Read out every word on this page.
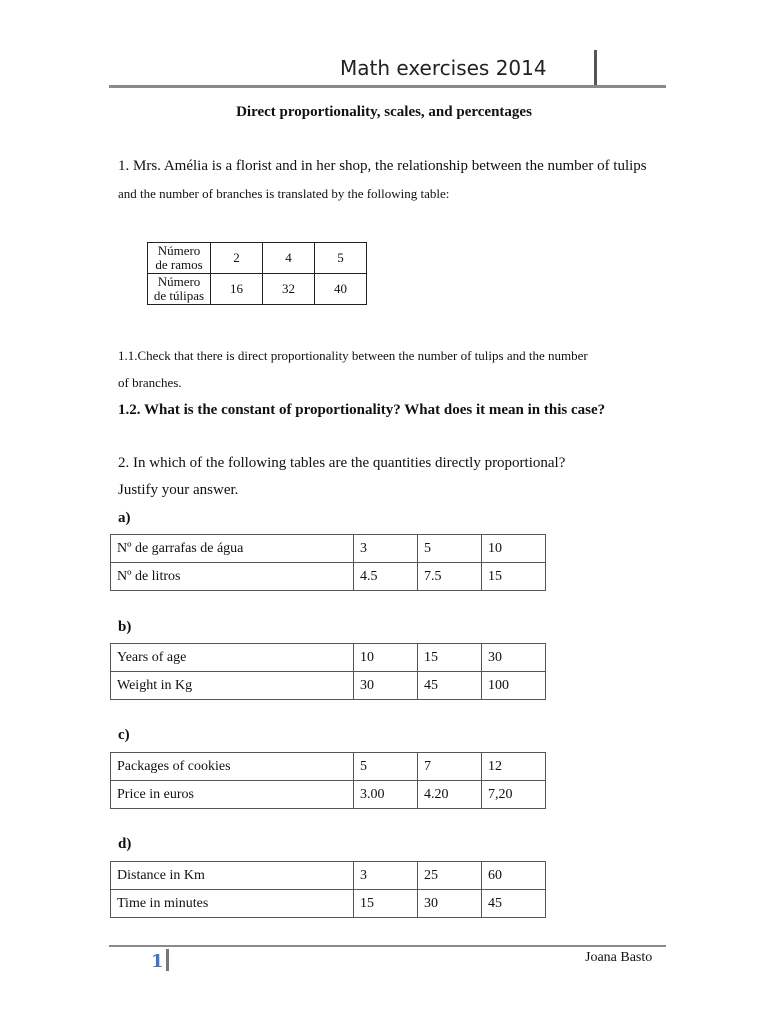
Math exercises 2014
Direct proportionality, scales, and percentages
1. Mrs. Amélia is a florist and in her shop, the relationship between the number of tulips
and the number of branches is translated by the following table:
Número
de ramos	2	4	5

Número
de túlipas	16	32	40
1.1.Check that there is direct proportionality between the number of tulips and the number
of branches.
1.2. What is the constant of proportionality? What does it mean in this case?
2. In which of the following tables are the quantities directly proportional?
Justify your answer.
a)
Nº de garrafas de água	3	5	10
Nº de litros	4.5	7.5	15
b)
Years of age	10	15	30
Weight in Kg	30	45	100
c)
Packages of cookies	5	7	12
Price in euros	3.00	4.20	7,20
d)
Distance in Km	3	25	60
Time in minutes	15	30	45
1	Joana Basto
